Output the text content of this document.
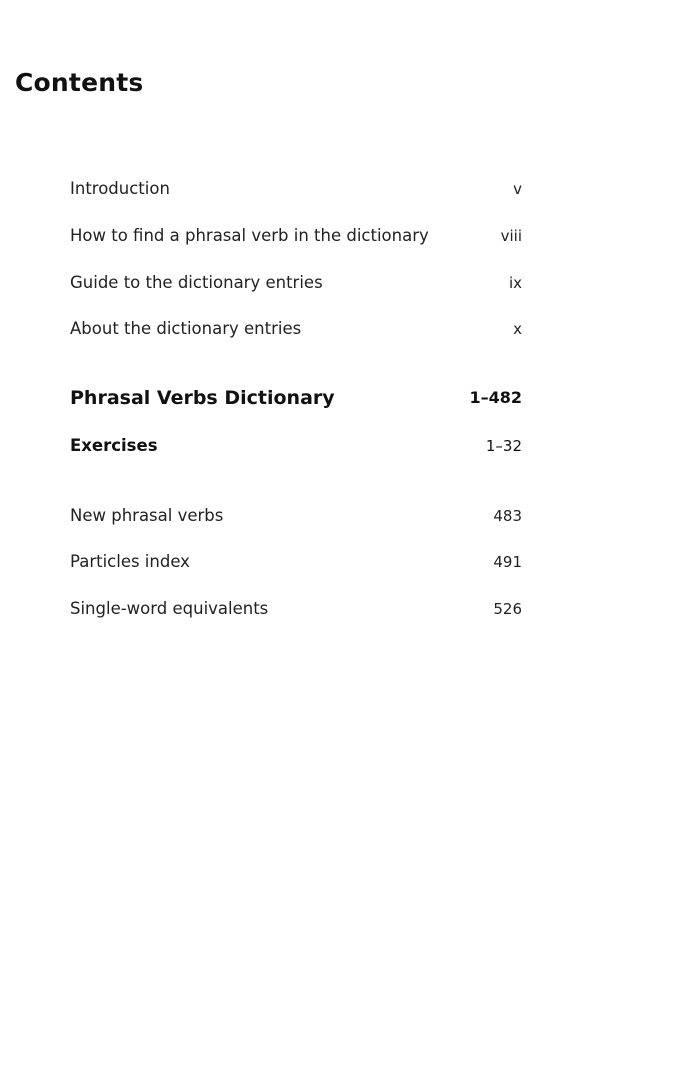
Contents
Introduction	v
How to find a phrasal verb in the dictionary	viii
Guide to the dictionary entries	ix
About the dictionary entries	x
Phrasal Verbs Dictionary	1–482
Exercises	1–32
New phrasal verbs	483
Particles index	491
Single-word equivalents	526
